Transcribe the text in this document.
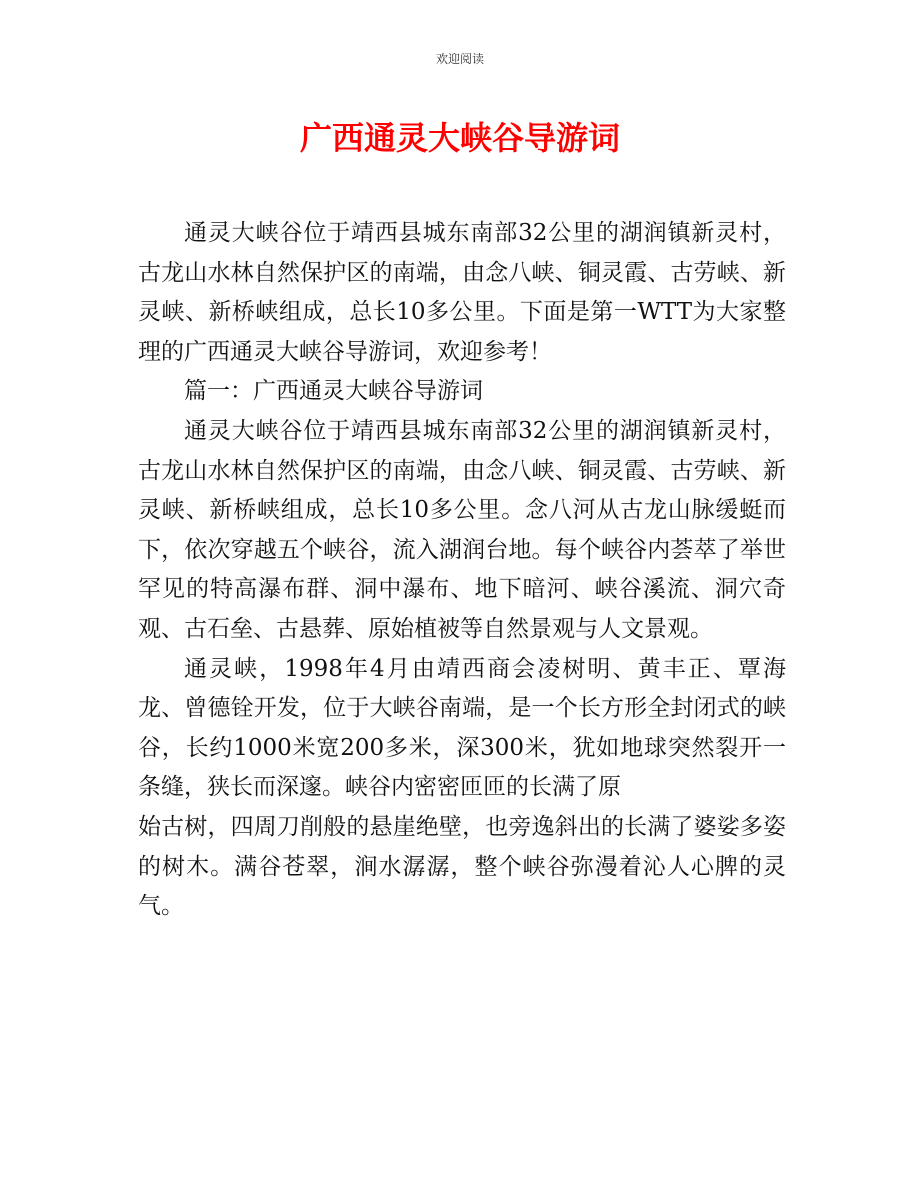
欢迎阅读
广西通灵大峡谷导游词

通灵大峡谷位于靖西县城东南部32公里的湖润镇新灵村，古龙山水林自然保护区的南端，由念八峡、铜灵霞、古劳峡、新灵峡、新桥峡组成，总长10多公里。下面是第一WTT为大家整理的广西通灵大峡谷导游词，欢迎参考！

篇一：广西通灵大峡谷导游词

通灵大峡谷位于靖西县城东南部32公里的湖润镇新灵村，古龙山水林自然保护区的南端，由念八峡、铜灵霞、古劳峡、新灵峡、新桥峡组成，总长10多公里。念八河从古龙山脉缓蜓而下，依次穿越五个峡谷，流入湖润台地。每个峡谷内荟萃了举世罕见的特高瀑布群、洞中瀑布、地下暗河、峡谷溪流、洞穴奇观、古石垒、古悬葬、原始植被等自然景观与人文景观。

通灵峡，1998年4月由靖西商会凌树明、黄丰正、覃海龙、曾德铨开发，位于大峡谷南端，是一个长方形全封闭式的峡谷，长约1000米宽200多米，深300米，犹如地球突然裂开一条缝，狭长而深邃。峡谷内密密匝匝的长满了原

始古树，四周刀削般的悬崖绝壁，也旁逸斜出的长满了婆娑多姿的树木。满谷苍翠，涧水潺潺，整个峡谷弥漫着沁人心脾的灵气。
